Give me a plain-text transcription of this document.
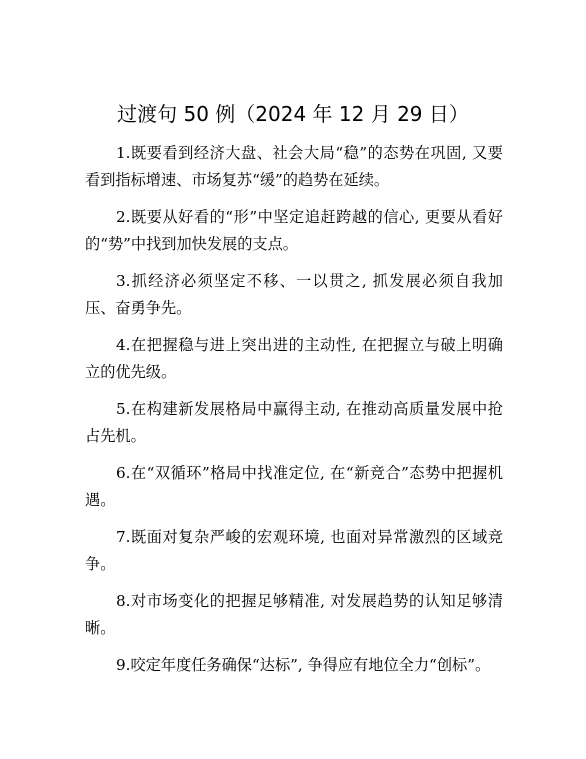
过渡句 50 例（2024 年 12 月 29 日）

1.既要看到经济大盘、社会大局“稳”的态势在巩固, 又要看到指标增速、市场复苏“缓”的趋势在延续。

2.既要从好看的“形”中坚定追赶跨越的信心, 更要从看好的“势”中找到加快发展的支点。

3.抓经济必须坚定不移、一以贯之, 抓发展必须自我加压、奋勇争先。

4.在把握稳与进上突出进的主动性, 在把握立与破上明确立的优先级。

5.在构建新发展格局中赢得主动, 在推动高质量发展中抢占先机。

6.在“双循环”格局中找准定位, 在“新竞合”态势中把握机遇。

7.既面对复杂严峻的宏观环境, 也面对异常激烈的区域竞争。

8.对市场变化的把握足够精准, 对发展趋势的认知足够清晰。

9.咬定年度任务确保“达标”, 争得应有地位全力“创标”。
